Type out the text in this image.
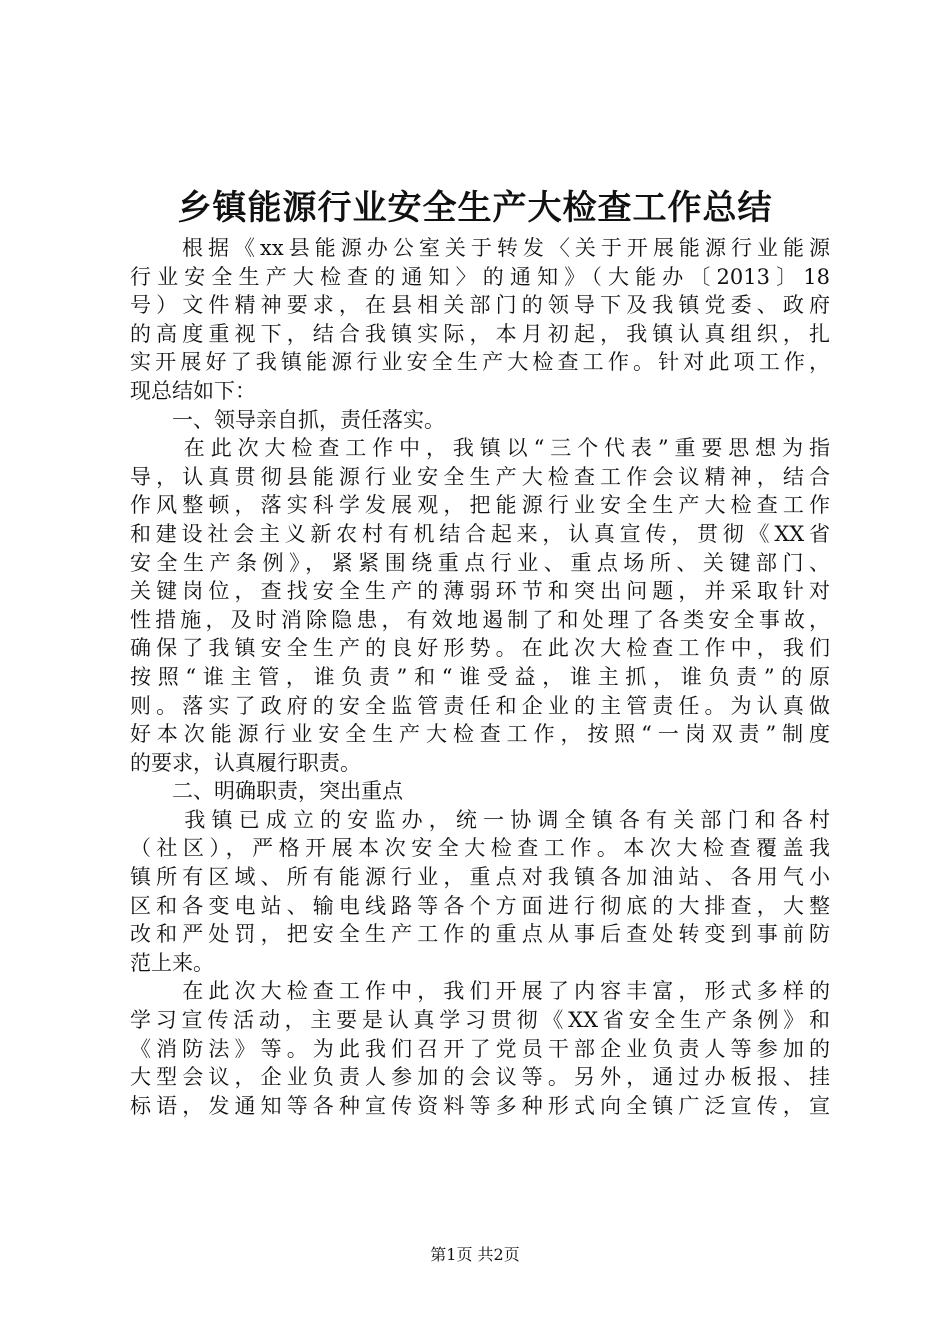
乡镇能源行业安全生产大检查工作总结
　　根据《xx县能源办公室关于转发〈关于开展能源行业能源
行业安全生产大检查的通知〉的通知》（大能办〔2013〕18
号）文件精神要求，在县相关部门的领导下及我镇党委、政府
的高度重视下，结合我镇实际，本月初起，我镇认真组织，扎
实开展好了我镇能源行业安全生产大检查工作。针对此项工作，
现总结如下：
　　一、领导亲自抓，责任落实。
　　在此次大检查工作中，我镇以“三个代表”重要思想为指
导，认真贯彻县能源行业安全生产大检查工作会议精神，结合
作风整顿，落实科学发展观，把能源行业安全生产大检查工作
和建设社会主义新农村有机结合起来，认真宣传，贯彻《XX省
安全生产条例》，紧紧围绕重点行业、重点场所、关键部门、
关键岗位，查找安全生产的薄弱环节和突出问题，并采取针对
性措施，及时消除隐患，有效地遏制了和处理了各类安全事故，
确保了我镇安全生产的良好形势。在此次大检查工作中，我们
按照“谁主管，谁负责”和“谁受益，谁主抓，谁负责”的原
则。落实了政府的安全监管责任和企业的主管责任。为认真做
好本次能源行业安全生产大检查工作，按照“一岗双责”制度
的要求，认真履行职责。
　　二、明确职责，突出重点
　　我镇已成立的安监办，统一协调全镇各有关部门和各村
（社区），严格开展本次安全大检查工作。本次大检查覆盖我
镇所有区域、所有能源行业，重点对我镇各加油站、各用气小
区和各变电站、输电线路等各个方面进行彻底的大排查，大整
改和严处罚，把安全生产工作的重点从事后查处转变到事前防
范上来。
　　在此次大检查工作中，我们开展了内容丰富，形式多样的
学习宣传活动，主要是认真学习贯彻《XX省安全生产条例》和
《消防法》等。为此我们召开了党员干部企业负责人等参加的
大型会议，企业负责人参加的会议等。另外，通过办板报、挂
标语，发通知等各种宣传资料等多种形式向全镇广泛宣传，宣
第1页 共2页
